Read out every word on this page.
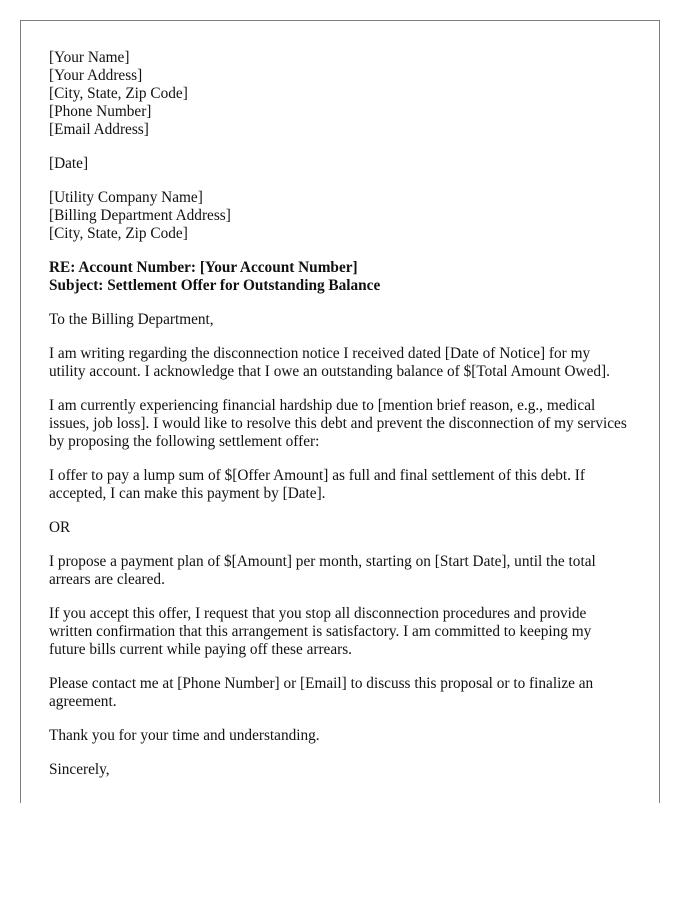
[Your Name]
[Your Address]
[City, State, Zip Code]
[Phone Number]
[Email Address]
[Date]
[Utility Company Name]
[Billing Department Address]
[City, State, Zip Code]
RE: Account Number: [Your Account Number]
Subject: Settlement Offer for Outstanding Balance

To the Billing Department,

I am writing regarding the disconnection notice I received dated [Date of Notice] for my utility account. I acknowledge that I owe an outstanding balance of $[Total Amount Owed].

I am currently experiencing financial hardship due to [mention brief reason, e.g., medical issues, job loss]. I would like to resolve this debt and prevent the disconnection of my services by proposing the following settlement offer:

I offer to pay a lump sum of $[Offer Amount] as full and final settlement of this debt. If accepted, I can make this payment by [Date].

OR

I propose a payment plan of $[Amount] per month, starting on [Start Date], until the total arrears are cleared.

If you accept this offer, I request that you stop all disconnection procedures and provide written confirmation that this arrangement is satisfactory. I am committed to keeping my future bills current while paying off these arrears.

Please contact me at [Phone Number] or [Email] to discuss this proposal or to finalize an agreement.

Thank you for your time and understanding.

Sincerely,
